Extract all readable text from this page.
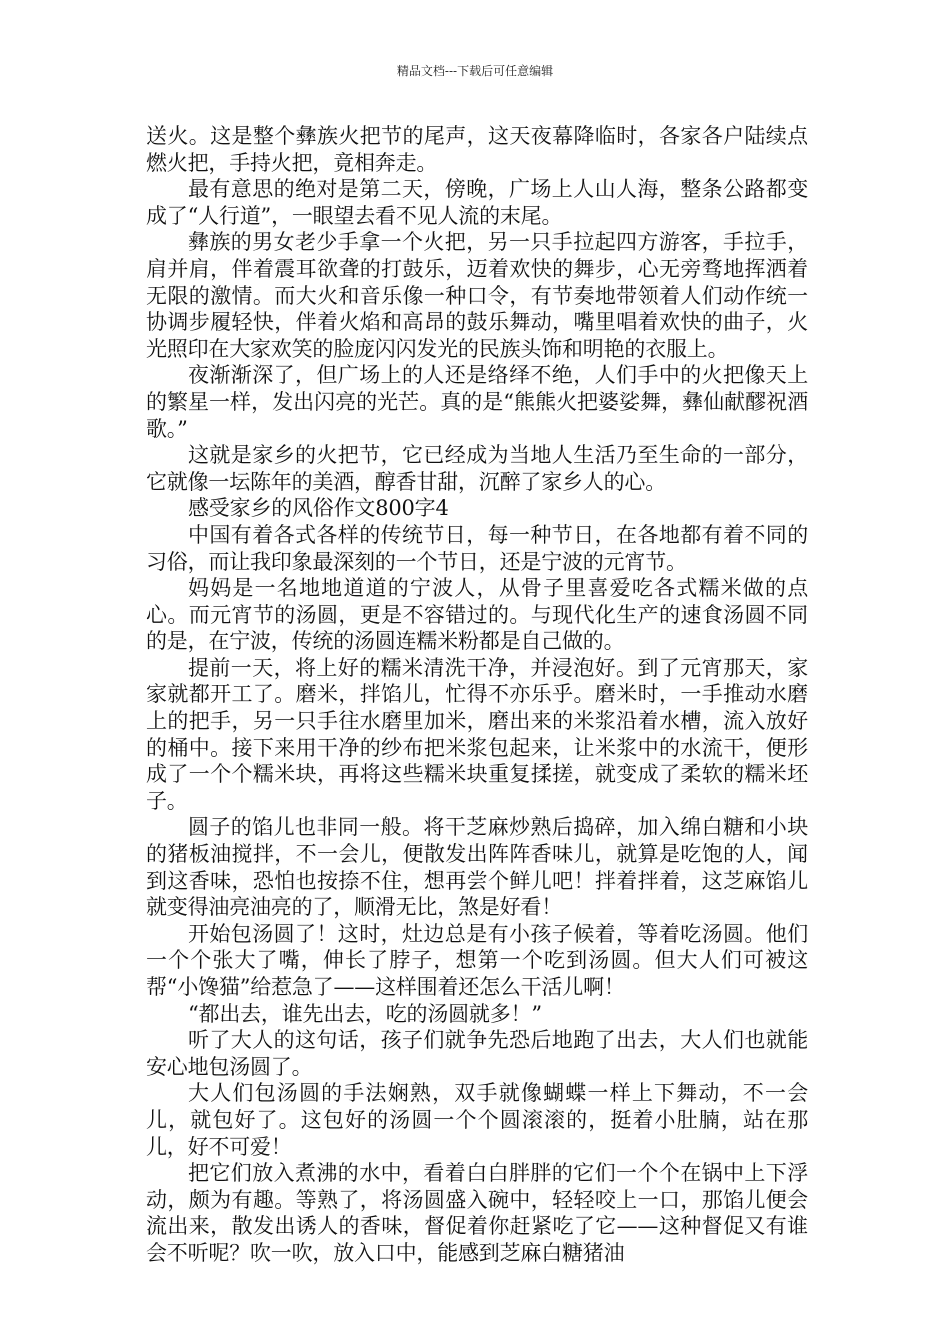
精品文档---下载后可任意编辑

送火。这是整个彝族火把节的尾声，这天夜幕降临时，各家各户陆续点燃火把，手持火把，竟相奔走。

最有意思的绝对是第二天，傍晚，广场上人山人海，整条公路都变成了“人行道”，一眼望去看不见人流的末尾。

彝族的男女老少手拿一个火把，另一只手拉起四方游客，手拉手，肩并肩，伴着震耳欲聋的打鼓乐，迈着欢快的舞步，心无旁骛地挥洒着无限的激情。而大火和音乐像一种口令，有节奏地带领着人们动作统一协调步履轻快，伴着火焰和高昂的鼓乐舞动，嘴里唱着欢快的曲子，火光照印在大家欢笑的脸庞闪闪发光的民族头饰和明艳的衣服上。

夜渐渐深了，但广场上的人还是络绎不绝，人们手中的火把像天上的繁星一样，发出闪亮的光芒。真的是“熊熊火把婆娑舞，彝仙献醪祝酒歌。”

这就是家乡的火把节，它已经成为当地人生活乃至生命的一部分，它就像一坛陈年的美酒，醇香甘甜，沉醉了家乡人的心。

感受家乡的风俗作文800字4

中国有着各式各样的传统节日，每一种节日，在各地都有着不同的习俗，而让我印象最深刻的一个节日，还是宁波的元宵节。

妈妈是一名地地道道的宁波人，从骨子里喜爱吃各式糯米做的点心。而元宵节的汤圆，更是不容错过的。与现代化生产的速食汤圆不同的是，在宁波，传统的汤圆连糯米粉都是自己做的。

提前一天，将上好的糯米清洗干净，并浸泡好。到了元宵那天，家家就都开工了。磨米，拌馅儿，忙得不亦乐乎。磨米时，一手推动水磨上的把手，另一只手往水磨里加米，磨出来的米浆沿着水槽，流入放好的桶中。接下来用干净的纱布把米浆包起来，让米浆中的水流干，便形成了一个个糯米块，再将这些糯米块重复揉搓，就变成了柔软的糯米坯子。

圆子的馅儿也非同一般。将干芝麻炒熟后捣碎，加入绵白糖和小块的猪板油搅拌，不一会儿，便散发出阵阵香味儿，就算是吃饱的人，闻到这香味，恐怕也按捺不住，想再尝个鲜儿吧！拌着拌着，这芝麻馅儿就变得油亮油亮的了，顺滑无比，煞是好看！

开始包汤圆了！这时，灶边总是有小孩子候着，等着吃汤圆。他们一个个张大了嘴，伸长了脖子，想第一个吃到汤圆。但大人们可被这帮“小馋猫”给惹急了——这样围着还怎么干活儿啊！

“都出去，谁先出去，吃的汤圆就多！”

听了大人的这句话，孩子们就争先恐后地跑了出去，大人们也就能安心地包汤圆了。

大人们包汤圆的手法娴熟，双手就像蝴蝶一样上下舞动，不一会儿，就包好了。这包好的汤圆一个个圆滚滚的，挺着小肚腩，站在那儿，好不可爱！

把它们放入煮沸的水中，看着白白胖胖的它们一个个在锅中上下浮动，颇为有趣。等熟了，将汤圆盛入碗中，轻轻咬上一口，那馅儿便会流出来，散发出诱人的香味，督促着你赶紧吃了它——这种督促又有谁会不听呢？吹一吹，放入口中，能感到芝麻白糖猪油
